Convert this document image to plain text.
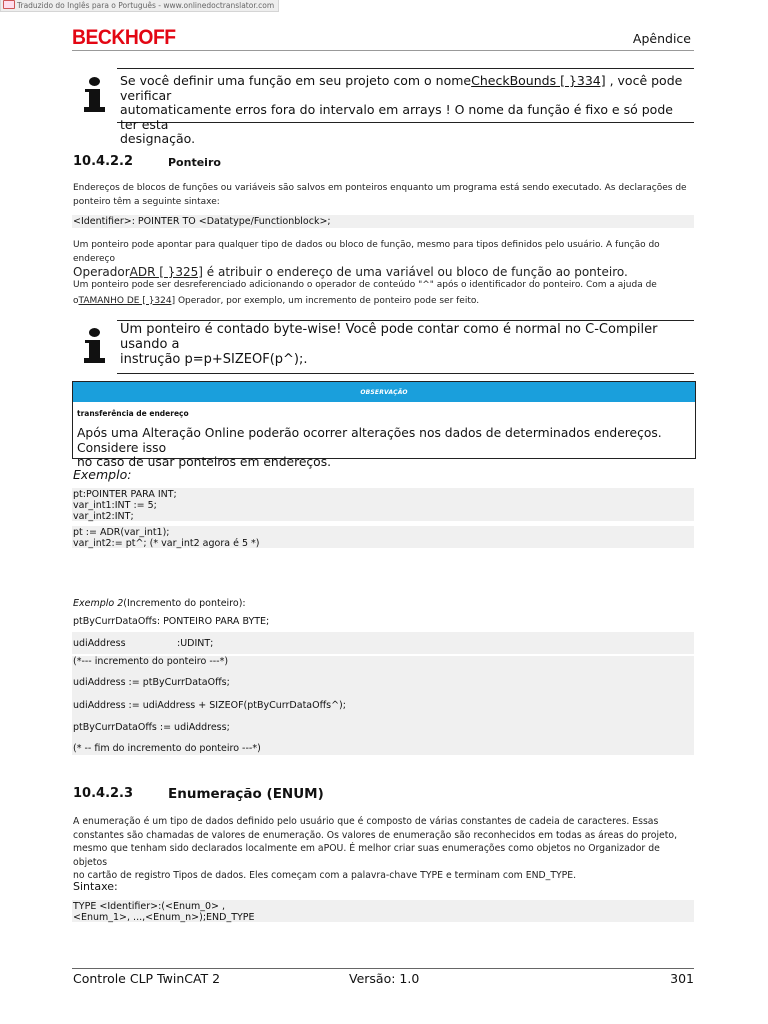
Traduzido do Inglês para o Português - www.onlinedoctranslator.com
BECKHOFF	Apêndice
Se você definir uma função em seu projeto com o nomeCheckBounds [ }334] , você pode verificar
automaticamente erros fora do intervalo em arrays ! O nome da função é fixo e só pode ter esta
designação.
10.4.2.2	Ponteiro
Endereços de blocos de funções ou variáveis são salvos em ponteiros enquanto um programa está sendo executado. As declarações de
ponteiro têm a seguinte sintaxe:
<Identifier>: POINTER TO <Datatype/Functionblock>;
Um ponteiro pode apontar para qualquer tipo de dados ou bloco de função, mesmo para tipos definidos pelo usuário. A função do endereço
OperadorADR [ }325] é atribuir o endereço de uma variável ou bloco de função ao ponteiro.
Um ponteiro pode ser desreferenciado adicionando o operador de conteúdo "^" após o identificador do ponteiro. Com a ajuda de
oTAMANHO DE [ }324] Operador, por exemplo, um incremento de ponteiro pode ser feito.
Um ponteiro é contado byte-wise! Você pode contar como é normal no C-Compiler usando a
instrução p=p+SIZEOF(p^);.
OBSERVAÇÃO
transferência de endereço
Após uma Alteração Online poderão ocorrer alterações nos dados de determinados endereços. Considere isso
no caso de usar ponteiros em endereços.
Exemplo:
pt:POINTER PARA INT;
var_int1:INT := 5;
var_int2:INT;
pt := ADR(var_int1);
var_int2:= pt^; (* var_int2 agora é 5 *)
Exemplo 2(Incremento do ponteiro):
ptByCurrDataOffs: PONTEIRO PARA BYTE;
udiAddress	:UDINT;
(*--- incremento do ponteiro ---*)
udiAddress := ptByCurrDataOffs;
udiAddress := udiAddress + SIZEOF(ptByCurrDataOffs^);
ptByCurrDataOffs := udiAddress;
(* -- fim do incremento do ponteiro ---*)
10.4.2.3	Enumeração (ENUM)
A enumeração é um tipo de dados definido pelo usuário que é composto de várias constantes de cadeia de caracteres. Essas
constantes são chamadas de valores de enumeração. Os valores de enumeração são reconhecidos em todas as áreas do projeto,
mesmo que tenham sido declarados localmente em aPOU. É melhor criar suas enumerações como objetos no Organizador de objetos
no cartão de registro Tipos de dados. Eles começam com a palavra-chave TYPE e terminam com END_TYPE.
Sintaxe:
TYPE <Identifier>:(<Enum_0> ,
<Enum_1>, ...,<Enum_n>);END_TYPE
Controle CLP TwinCAT 2	Versão: 1.0	301
